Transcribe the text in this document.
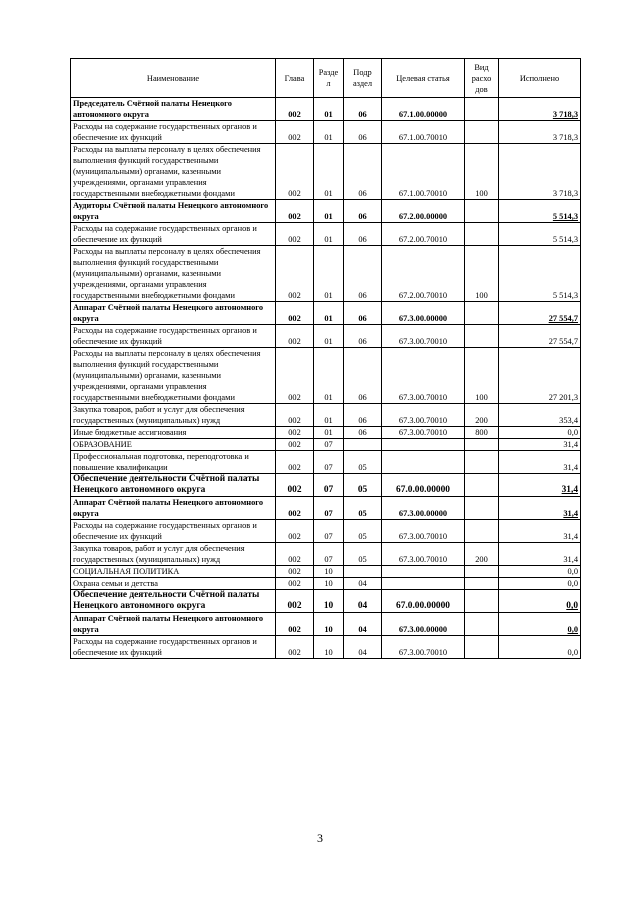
Наименование	Глава	Разде л	Подр аздел	Целевая статья	Вид расхо дов	Исполнено
Председатель Счётной палаты Ненецкого автономного округа	002	01	06	67.1.00.00000		3 718,3
Расходы на содержание государственных органов и обеспечение их функций	002	01	06	67.1.00.70010		3 718,3
Расходы на выплаты персоналу в целях обеспечения выполнения функций государственными (муниципальными) органами, казенными учреждениями, органами управления государственными внебюджетными фондами	002	01	06	67.1.00.70010	100	3 718,3
Аудиторы Счётной палаты Ненецкого автономного округа	002	01	06	67.2.00.00000		5 514,3
Расходы на содержание государственных органов и обеспечение их функций	002	01	06	67.2.00.70010		5 514,3
Расходы на выплаты персоналу в целях обеспечения выполнения функций государственными (муниципальными) органами, казенными учреждениями, органами управления государственными внебюджетными фондами	002	01	06	67.2.00.70010	100	5 514,3
Аппарат Счётной палаты Ненецкого автономного округа	002	01	06	67.3.00.00000		27 554,7
Расходы на содержание государственных органов и обеспечение их функций	002	01	06	67.3.00.70010		27 554,7
Расходы на выплаты персоналу в целях обеспечения выполнения функций государственными (муниципальными) органами, казенными учреждениями, органами управления государственными внебюджетными фондами	002	01	06	67.3.00.70010	100	27 201,3
Закупка товаров, работ и услуг для обеспечения государственных (муниципальных) нужд	002	01	06	67.3.00.70010	200	353,4
Иные бюджетные ассигнования	002	01	06	67.3.00.70010	800	0,0
ОБРАЗОВАНИЕ	002	07				31,4
Профессиональная подготовка, переподготовка и повышение квалификации	002	07	05			31,4
Обеспечение деятельности Счётной палаты Ненецкого автономного округа	002	07	05	67.0.00.00000		31,4
Аппарат Счётной палаты Ненецкого автономного округа	002	07	05	67.3.00.00000		31,4
Расходы на содержание государственных органов и обеспечение их функций	002	07	05	67.3.00.70010		31,4
Закупка товаров, работ и услуг для обеспечения государственных (муниципальных) нужд	002	07	05	67.3.00.70010	200	31,4
СОЦИАЛЬНАЯ ПОЛИТИКА	002	10				0,0
Охрана семьи и детства	002	10	04			0,0
Обеспечение деятельности Счётной палаты Ненецкого автономного округа	002	10	04	67.0.00.00000		0,0
Аппарат Счётной палаты Ненецкого автономного округа	002	10	04	67.3.00.00000		0,0
Расходы на содержание государственных органов и обеспечение их функций	002	10	04	67.3.00.70010		0,0
3
